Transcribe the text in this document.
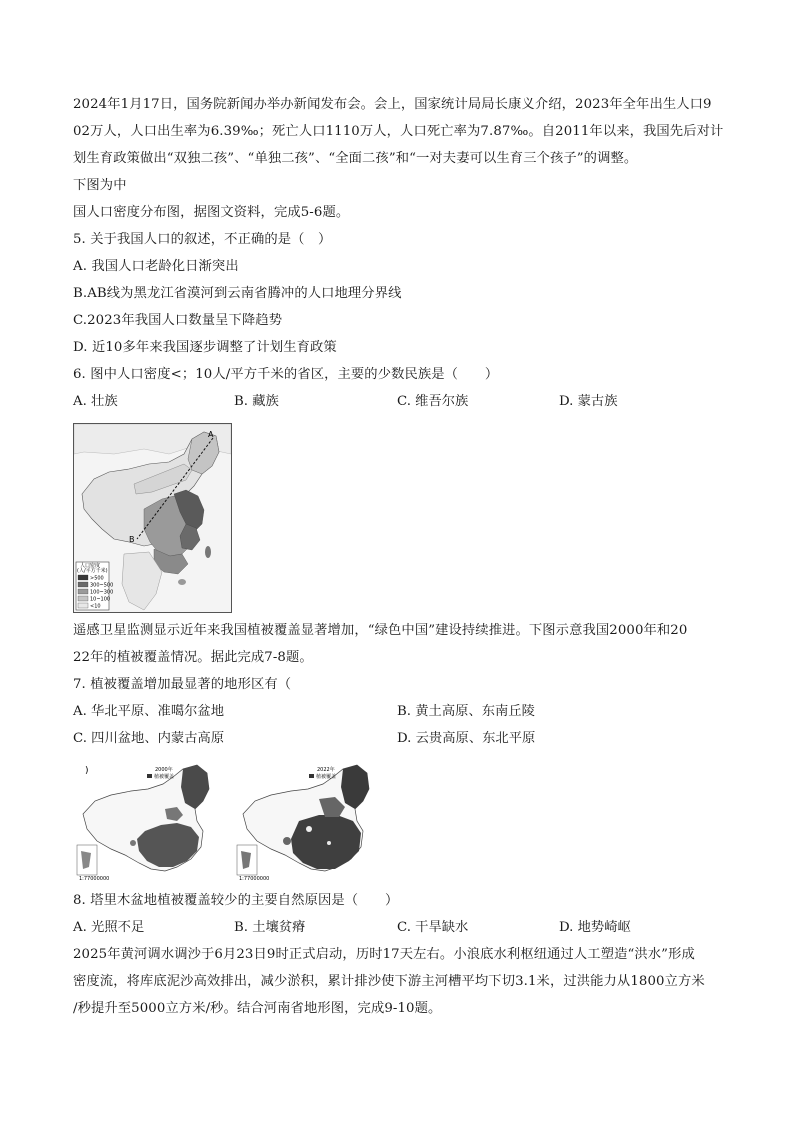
2024年1月17日，国务院新闻办举办新闻发布会。会上，国家统计局局长康义介绍，2023年全年出生人口9
02万人，人口出生率为6.39‰；死亡人口1110万人，人口死亡率为7.87‰。自2011年以来，我国先后对计
划生育政策做出“双独二孩”、“单独二孩”、“全面二孩”和“一对夫妻可以生育三个孩子”的调整。
下图为中
国人口密度分布图，据图文资料，完成5-6题。
5. 关于我国人口的叙述，不正确的是（　）
A. 我国人口老龄化日渐突出
B.AB线为黑龙江省漠河到云南省腾冲的人口地理分界线
C.2023年我国人口数量呈下降趋势
D. 近10多年来我国逐步调整了计划生育政策
6. 图中人口密度<；10人/平方千米的省区，主要的少数民族是（　　）
A. 壮族	B. 藏族	C. 维吾尔族	D. 蒙古族
A
B
人口密度
(人/平方千米)
>500
300~500
100~300
10~100
<10
遥感卫星监测显示近年来我国植被覆盖显著增加，“绿色中国”建设持续推进。下图示意我国2000年和20
22年的植被覆盖情况。据此完成7-8题。
7. 植被覆盖增加最显著的地形区有（
A. 华北平原、准噶尔盆地	B. 黄土高原、东南丘陵
C. 四川盆地、内蒙古高原	D. 云贵高原、东北平原
)	2000年
植被覆盖
1:77000000
2022年
植被覆盖
1:77000000
8. 塔里木盆地植被覆盖较少的主要自然原因是（　　）
A. 光照不足	B. 土壤贫瘠	C. 干旱缺水	D. 地势崎岖
2025年黄河调水调沙于6月23日9时正式启动，历时17天左右。小浪底水利枢纽通过人工塑造“洪水”形成
密度流，将库底泥沙高效排出，减少淤积，累计排沙使下游主河槽平均下切3.1米，过洪能力从1800立方米
/秒提升至5000立方米/秒。结合河南省地形图，完成9-10题。
